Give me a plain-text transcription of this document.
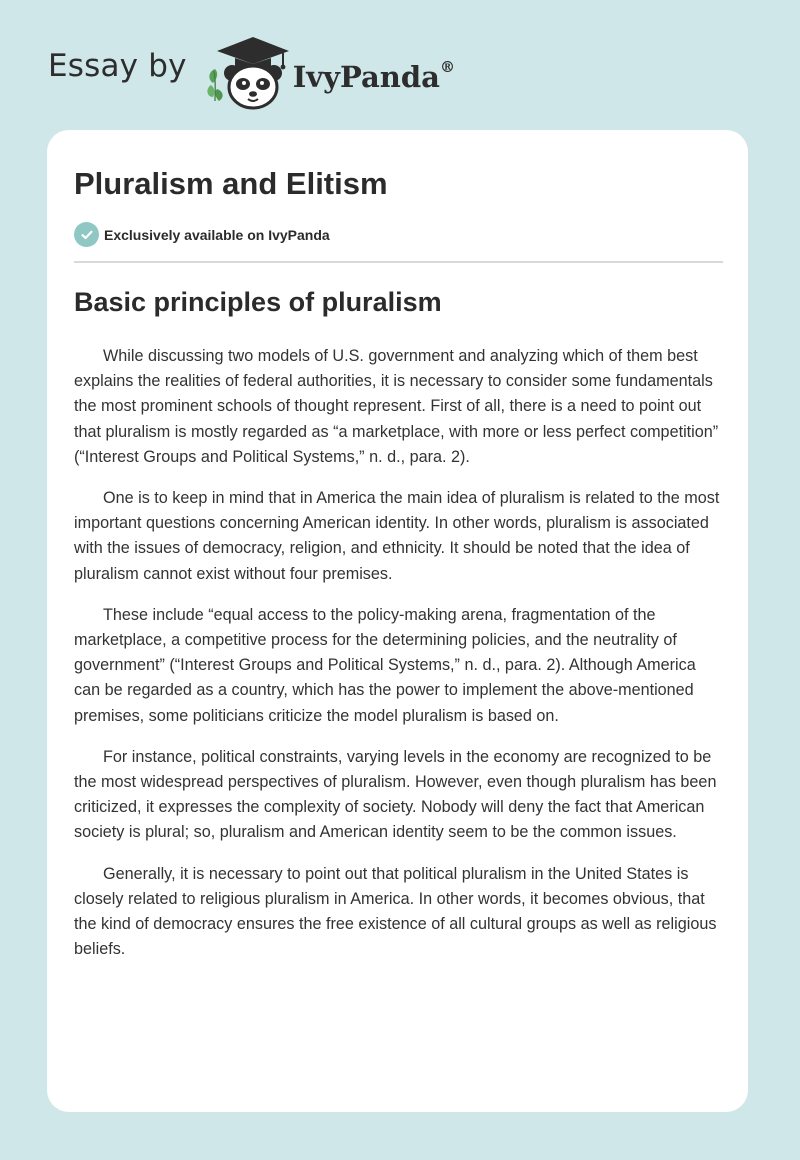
Essay by	IvyPanda®
Pluralism and Elitism
Exclusively available on IvyPanda
Basic principles of pluralism

While discussing two models of U.S. government and analyzing which of them best explains the realities of federal authorities, it is necessary to consider some fundamentals the most prominent schools of thought represent. First of all, there is a need to point out that pluralism is mostly regarded as “a marketplace, with more or less perfect competition” (“Interest Groups and Political Systems,” n. d., para. 2).

One is to keep in mind that in America the main idea of pluralism is related to the most important questions concerning American identity. In other words, pluralism is associated with the issues of democracy, religion, and ethnicity. It should be noted that the idea of pluralism cannot exist without four premises.

These include “equal access to the policy-making arena, fragmentation of the marketplace, a competitive process for the determining policies, and the neutrality of government” (“Interest Groups and Political Systems,” n. d., para. 2). Although America can be regarded as a country, which has the power to implement the above-mentioned premises, some politicians criticize the model pluralism is based on.

For instance, political constraints, varying levels in the economy are recognized to be the most widespread perspectives of pluralism. However, even though pluralism has been criticized, it expresses the complexity of society. Nobody will deny the fact that American society is plural; so, pluralism and American identity seem to be the common issues.

Generally, it is necessary to point out that political pluralism in the United States is closely related to religious pluralism in America. In other words, it becomes obvious, that the kind of democracy ensures the free existence of all cultural groups as well as religious beliefs.
